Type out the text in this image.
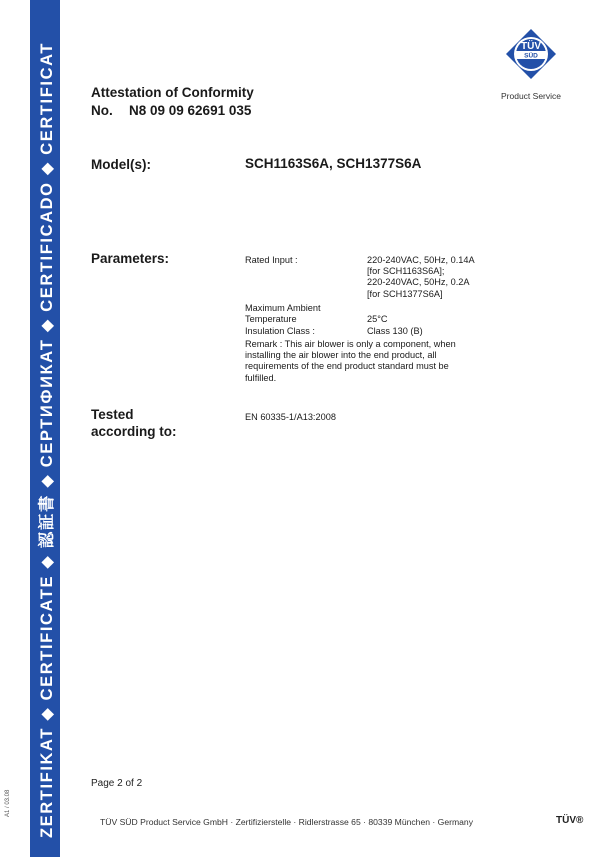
ZERTIFIKAT ◆ CERTIFICATE ◆ 認証書 ◆ СЕРТИФИКАТ ◆ CERTIFICADO ◆ CERTIFICAT
A1 / 03.08
TÜV
SÜD
Product Service
Attestation of Conformity
No. N8 09 09 62691 035
Model(s):	SCH1163S6A, SCH1377S6A
Parameters:	Rated Input :	220-240VAC, 50Hz, 0.14A
[for SCH1163S6A];
220-240VAC, 50Hz, 0.2A
[for SCH1377S6A]
Maximum Ambient
Temperature	25°C
Insulation Class :	Class 130 (B)
Remark : This air blower is only a component, when
installing the air blower into the end product, all
requirements of the end product standard must be
fulfilled.
Tested
according to:
EN 60335-1/A13:2008
Page 2 of 2
TÜV SÜD Product Service GmbH · Zertifizierstelle · Ridlerstrasse 65 · 80339 München · Germany	TÜV®
